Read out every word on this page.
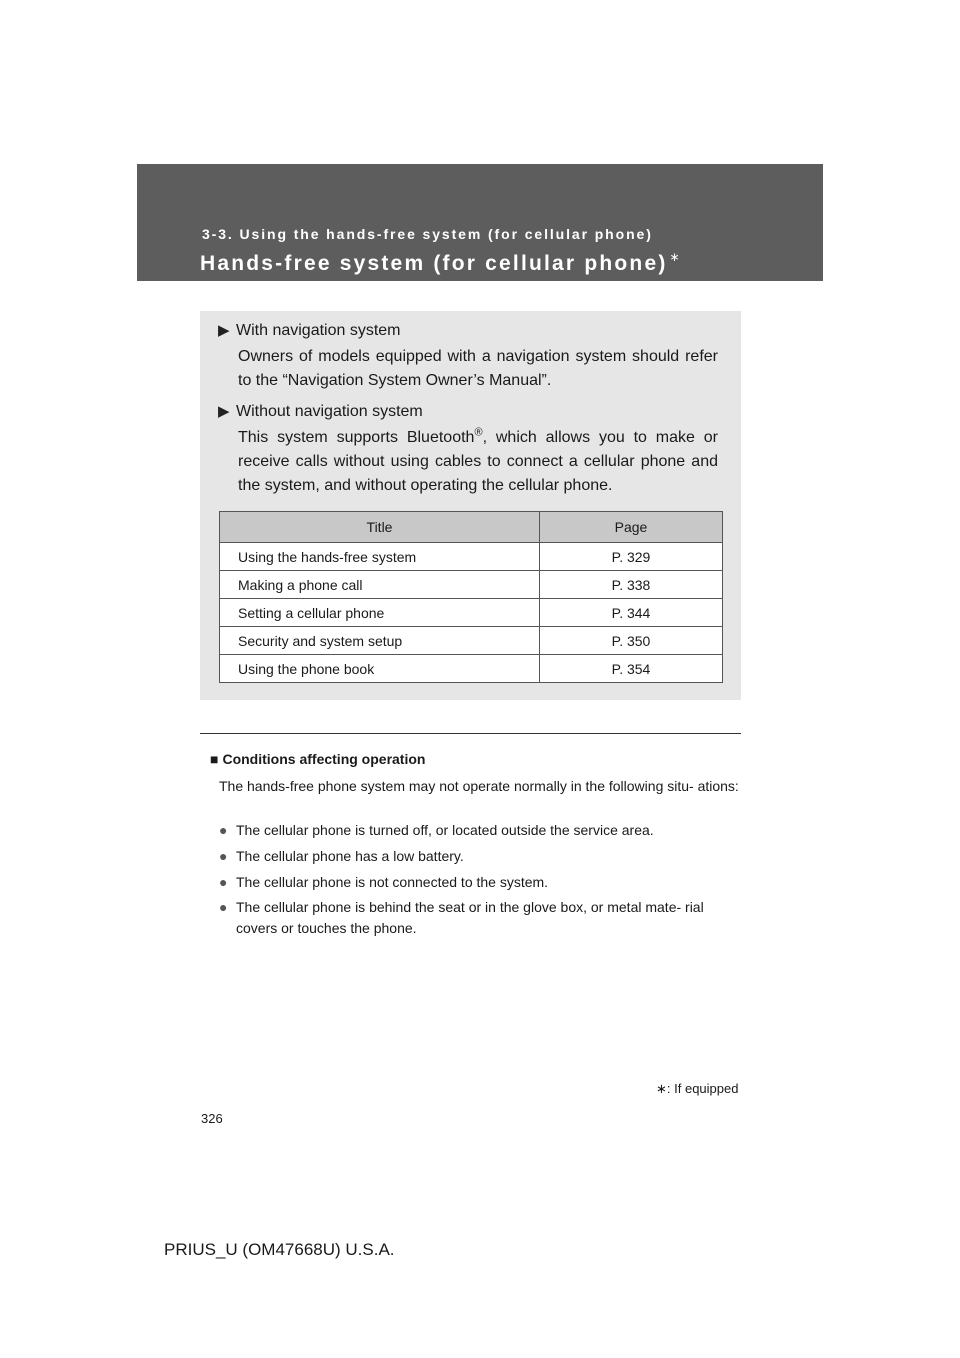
3-3. Using the hands-free system (for cellular phone)
Hands-free system (for cellular phone) ∗
▶ With navigation system
Owners of models equipped with a navigation system should refer to the “Navigation System Owner’s Manual”.
▶ Without navigation system
This system supports Bluetooth®, which allows you to make or receive calls without using cables to connect a cellular phone and the system, and without operating the cellular phone.
Title	Page
Using the hands-free system	P. 329
Making a phone call	P. 338
Setting a cellular phone	P. 344
Security and system setup	P. 350
Using the phone book	P. 354
■ Conditions affecting operation
The hands-free phone system may not operate normally in the following situ- ations:
● The cellular phone is turned off, or located outside the service area.
● The cellular phone has a low battery.
● The cellular phone is not connected to the system.
● The cellular phone is behind the seat or in the glove box, or metal mate- rial covers or touches the phone.
∗: If equipped
326
PRIUS_U (OM47668U) U.S.A.
